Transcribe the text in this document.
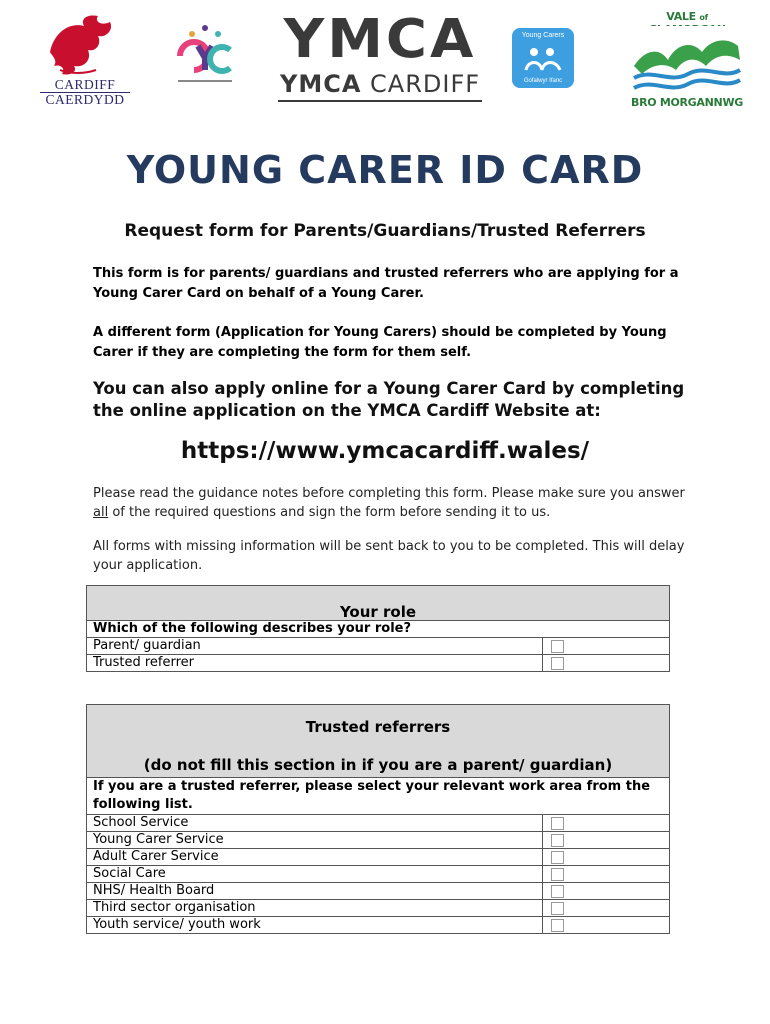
CARDIFF
CAERDYDD
YMCA
YMCA CARDIFF
Young Carers
Gofalwyr Ifanc
VALE of
BRO MORGANNWG
YOUNG CARER ID CARD
Request form for Parents/Guardians/Trusted Referrers
This form is for parents/ guardians and trusted referrers who are applying for a Young Carer Card on behalf of a Young Carer.
A different form (Application for Young Carers) should be completed by Young Carer if they are completing the form for them self.
You can also apply online for a Young Carer Card by completing the online application on the YMCA Cardiff Website at:
https://www.ymcacardiff.wales/
Please read the guidance notes before completing this form. Please make sure you answer all of the required questions and sign the form before sending it to us.
All forms with missing information will be sent back to you to be completed. This will delay your application.
Your role	
Which of the following describes your role?	
Parent/ guardian	

Trusted referrer	
Trusted referrers
(do not fill this section in if you are a parent/ guardian)	

If you are a trusted referrer, please select your relevant work area from the following list.	
School Service	

Young Carer Service	

Adult Carer Service	

Social Care	

NHS/ Health Board	

Third sector organisation	

Youth service/ youth work	
